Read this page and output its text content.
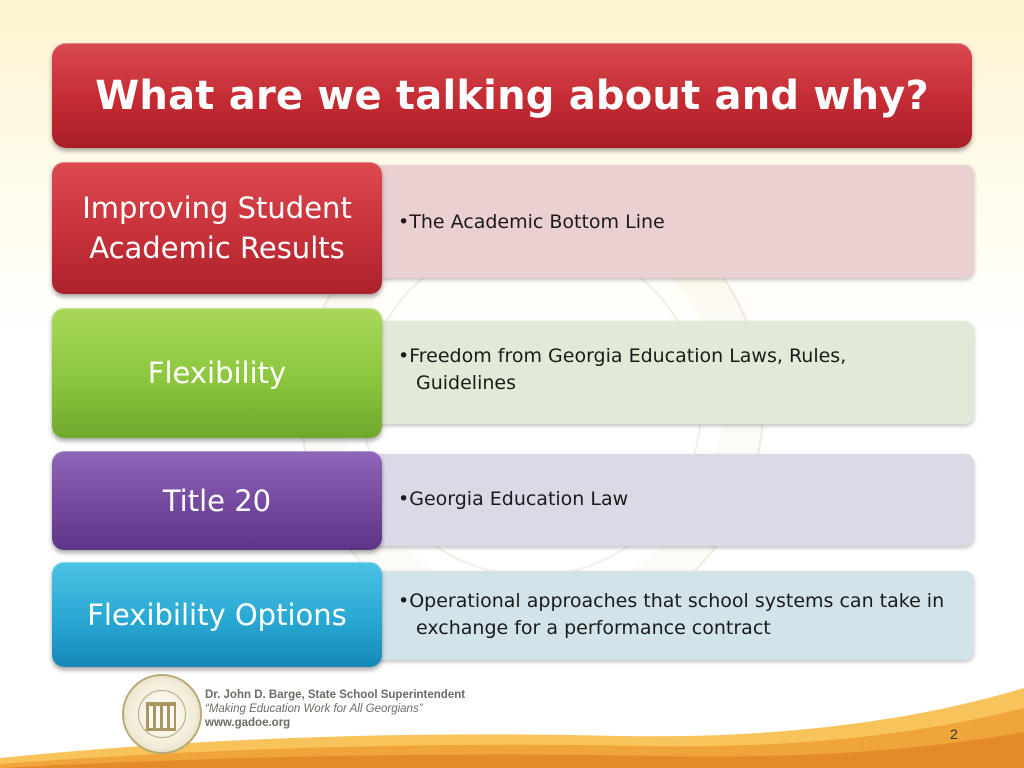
What are we talking about and why?
• The Academic Bottom Line
Improving Student Academic Results
• Freedom from Georgia Education Laws, Rules, Guidelines
Flexibility
• Georgia Education Law
Title 20
• Operational approaches that school systems can take in exchange for a performance contract
Flexibility Options
Dr. John D. Barge, State School Superintendent
“Making Education Work for All Georgians”
www.gadoe.org
2
